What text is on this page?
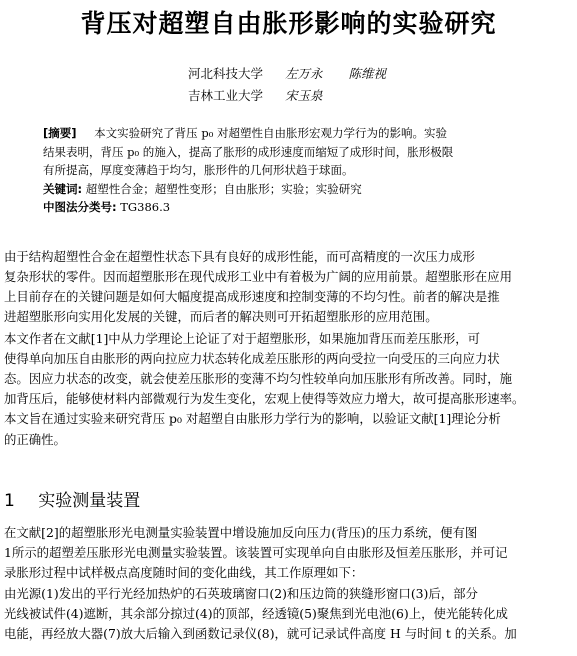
背压对超塑自由胀形影响的实验研究
河北科技大学 左万永 陈维视
吉林工业大学 宋玉泉
[摘要] 本文实验研究了背压 p₀ 对超塑性自由胀形宏观力学行为的影响。实验
结果表明，背压 p₀ 的施入，提高了胀形的成形速度而缩短了成形时间，胀形极限
有所提高，厚度变薄趋于均匀，胀形件的几何形状趋于球面。
关键词: 超塑性合金；超塑性变形；自由胀形；实验；实验研究
中图法分类号: TG386.3
由于结构超塑性合金在超塑性状态下具有良好的成形性能，而可高精度的一次压力成形
复杂形状的零件。因而超塑胀形在现代成形工业中有着极为广阔的应用前景。超塑胀形在应用
上目前存在的关键问题是如何大幅度提高成形速度和控制变薄的不均匀性。前者的解决是推
进超塑胀形向实用化发展的关键，而后者的解决则可开拓超塑胀形的应用范围。
本文作者在文献[1]中从力学理论上论证了对于超塑胀形，如果施加背压而差压胀形，可
使得单向加压自由胀形的两向拉应力状态转化成差压胀形的两向受拉一向受压的三向应力状
态。因应力状态的改变，就会使差压胀形的变薄不均匀性较单向加压胀形有所改善。同时，施
加背压后，能够使材料内部微观行为发生变化，宏观上使得等效应力增大，故可提高胀形速率。
本文旨在通过实验来研究背压 p₀ 对超塑自由胀形力学行为的影响，以验证文献[1]理论分析
的正确性。
1 实验测量装置
在文献[2]的超塑胀形光电测量实验装置中增设施加反向压力(背压)的压力系统，便有图
1所示的超塑差压胀形光电测量实验装置。该装置可实现单向自由胀形及恒差压胀形，并可记
录胀形过程中试样极点高度随时间的变化曲线，其工作原理如下：
由光源(1)发出的平行光经加热炉的石英玻璃窗口(2)和压边筒的狭缝形窗口(3)后，部分
光线被试件(4)遮断，其余部分掠过(4)的顶部，经透镜(5)聚焦到光电池(6)上，使光能转化成
电能，再经放大器(7)放大后输入到函数记录仪(8)，就可记录试件高度 H 与时间 t 的关系。加
